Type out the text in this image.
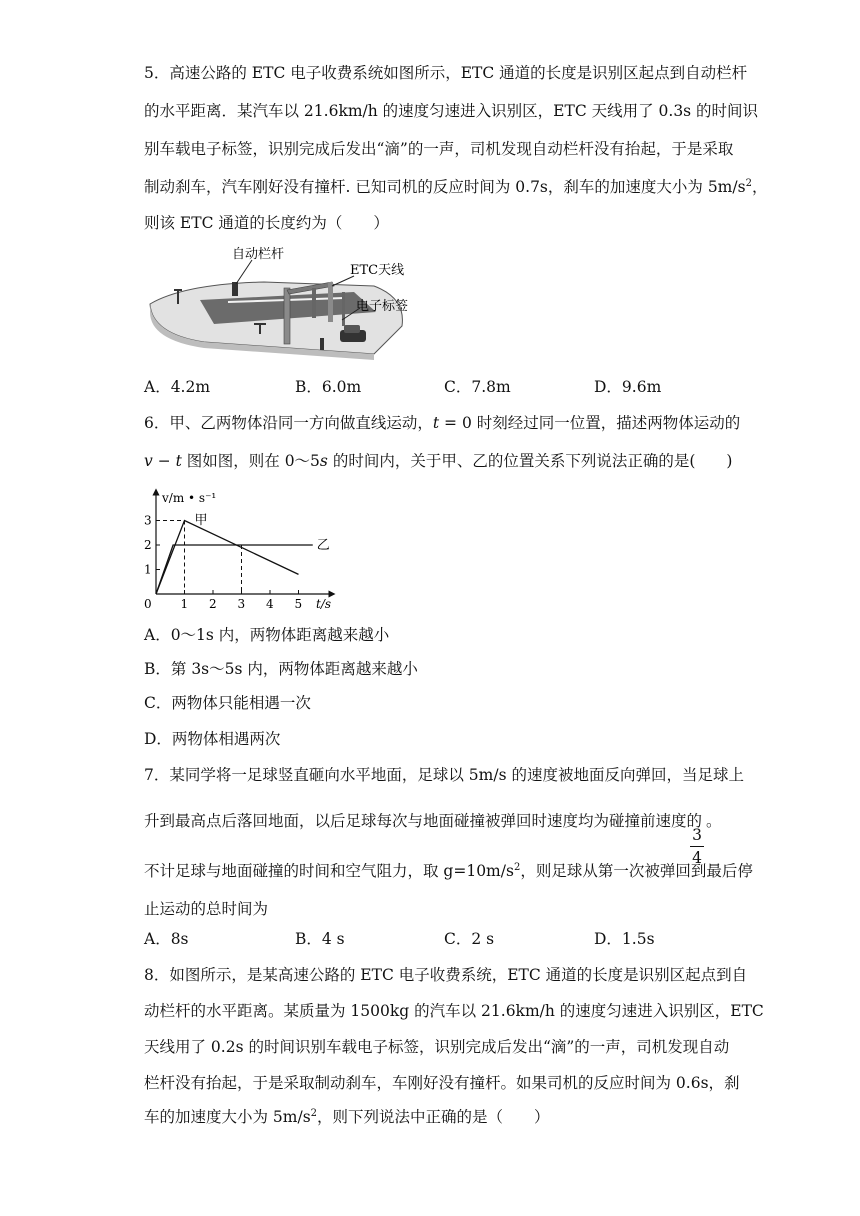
5．高速公路的 ETC 电子收费系统如图所示，ETC 通道的长度是识别区起点到自动栏杆
的水平距离．某汽车以 21.6km/h 的速度匀速进入识别区，ETC 天线用了 0.3s 的时间识
别车载电子标签，识别完成后发出“滴”的一声，司机发现自动栏杆没有抬起，于是采取
制动刹车，汽车刚好没有撞杆. 已知司机的反应时间为 0.7s，刹车的加速度大小为 $5m/s^2$，
则该 ETC 通道的长度约为（　　）
自动栏杆
ETC天线
电子标签
A．4.2m	B．6.0m	C．7.8m	D．9.6m
6．甲、乙两物体沿同一方向做直线运动，t = 0 时刻经过同一位置，描述两物体运动的
v − t 图如图，则在 0～5s 的时间内，关于甲、乙的位置关系下列说法正确的是(　　)
v/m • s⁻¹
t/s
0 1 2 3 4 5
1
2
3	甲
乙
A．0～1s 内，两物体距离越来越小
B．第 3s～5s 内，两物体距离越来越小
C．两物体只能相遇一次
D．两物体相遇两次
7．某同学将一足球竖直砸向水平地面，足球以 5m/s 的速度被地面反向弹回，当足球上
升到最高点后落回地面，以后足球每次与地面碰撞被弹回时速度均为碰撞前速度的
3
4
。
不计足球与地面碰撞的时间和空气阻力，取 $g=10m/s^2$，则足球从第一次被弹回到最后停
止运动的总时间为
A．8s	B．4 s	C．2 s	D．1.5s
8．如图所示，是某高速公路的 ETC 电子收费系统，ETC 通道的长度是识别区起点到自
动栏杆的水平距离。某质量为 1500kg 的汽车以 21.6km/h 的速度匀速进入识别区，ETC
天线用了 0.2s 的时间识别车载电子标签，识别完成后发出“滴”的一声，司机发现自动
栏杆没有抬起，于是采取制动刹车，车刚好没有撞杆。如果司机的反应时间为 0.6s，刹
车的加速度大小为 $5m/s^2$，则下列说法中正确的是（　　）
